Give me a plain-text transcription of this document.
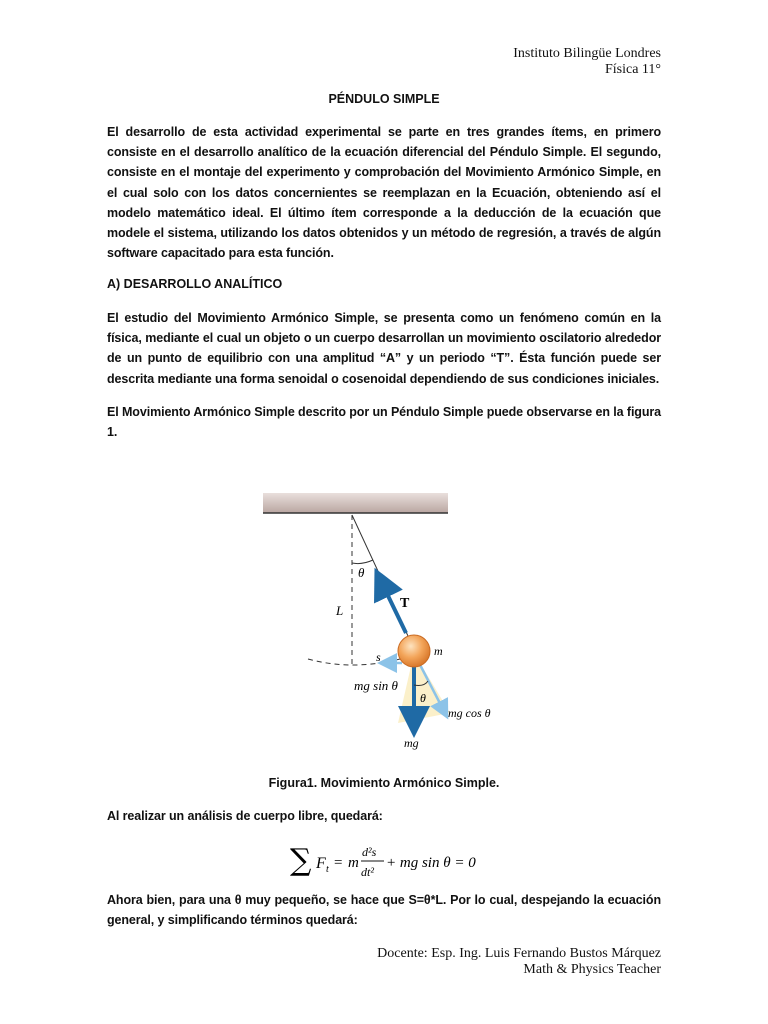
Instituto Bilingüe Londres
Física 11°
PÉNDULO SIMPLE
El desarrollo de esta actividad experimental se parte en tres grandes ítems, en primero consiste en el desarrollo analítico de la ecuación diferencial del Péndulo Simple. El segundo, consiste en el montaje del experimento y comprobación del Movimiento Armónico Simple, en el cual solo con los datos concernientes se reemplazan en la Ecuación, obteniendo así el modelo matemático ideal. El último ítem corresponde a la deducción de la ecuación que modele el sistema, utilizando los datos obtenidos y un método de regresión, a través de algún software capacitado para esta función.
A) DESARROLLO ANALÍTICO
El estudio del Movimiento Armónico Simple, se presenta como un fenómeno común en la física, mediante el cual un objeto o un cuerpo desarrollan un movimiento oscilatorio alrededor de un punto de equilibrio con una amplitud “A” y un periodo “T”. Ésta función puede ser descrita mediante una forma senoidal o cosenoidal dependiendo de sus condiciones iniciales.
El Movimiento Armónico Simple descrito por un Péndulo Simple puede observarse en la figura 1.
θ
T
L
s	m
mg sin θ
θ
mg cos θ
mg
Figura1. Movimiento Armónico Simple.
Al realizar un análisis de cuerpo libre, quedará:
∑ F t = m
d²s
dt²
+ mg sin θ = 0
Ahora bien, para una θ muy pequeño, se hace que S=θ*L. Por lo cual, despejando la ecuación general, y simplificando términos quedará:
Docente: Esp. Ing. Luis Fernando Bustos Márquez
Math & Physics Teacher
